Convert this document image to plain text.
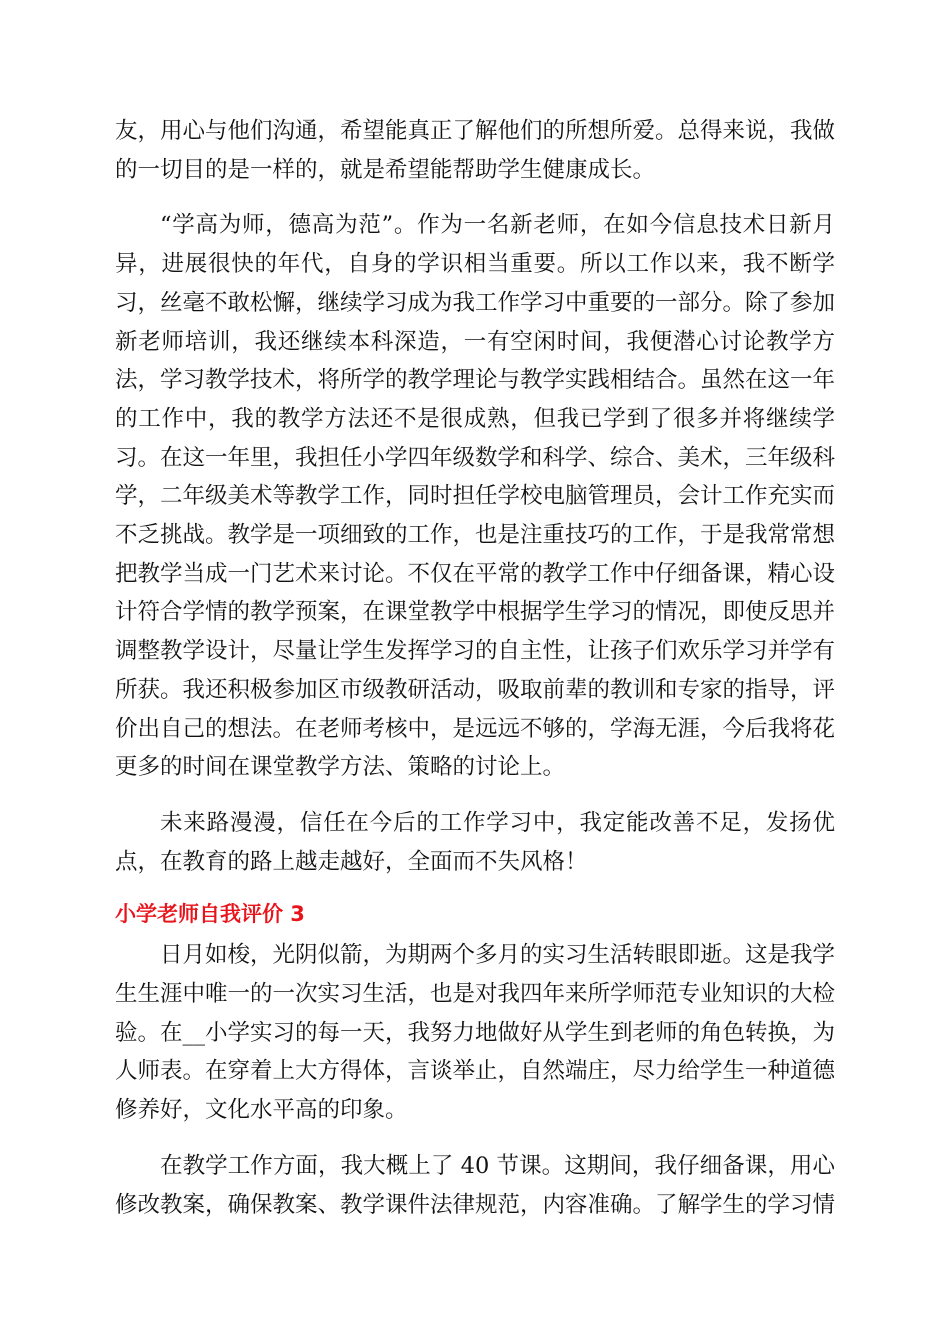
友，用心与他们沟通，希望能真正了解他们的所想所爱。总得来说，我做的一切目的是一样的，就是希望能帮助学生健康成长。

“学高为师，德高为范”。作为一名新老师，在如今信息技术日新月异，进展很快的年代，自身的学识相当重要。所以工作以来，我不断学习，丝毫不敢松懈，继续学习成为我工作学习中重要的一部分。除了参加新老师培训，我还继续本科深造，一有空闲时间，我便潜心讨论教学方法，学习教学技术，将所学的教学理论与教学实践相结合。虽然在这一年的工作中，我的教学方法还不是很成熟，但我已学到了很多并将继续学习。在这一年里，我担任小学四年级数学和科学、综合、美术，三年级科学，二年级美术等教学工作，同时担任学校电脑管理员，会计工作充实而不乏挑战。教学是一项细致的工作，也是注重技巧的工作，于是我常常想把教学当成一门艺术来讨论。不仅在平常的教学工作中仔细备课，精心设计符合学情的教学预案，在课堂教学中根据学生学习的情况，即使反思并调整教学设计，尽量让学生发挥学习的自主性，让孩子们欢乐学习并学有所获。我还积极参加区市级教研活动，吸取前辈的教训和专家的指导，评价出自己的想法。在老师考核中，是远远不够的，学海无涯，今后我将花更多的时间在课堂教学方法、策略的讨论上。

未来路漫漫，信任在今后的工作学习中，我定能改善不足，发扬优点，在教育的路上越走越好，全面而不失风格！

小学老师自我评价 3

日月如梭，光阴似箭，为期两个多月的实习生活转眼即逝。这是我学生生涯中唯一的一次实习生活，也是对我四年来所学师范专业知识的大检验。在__小学实习的每一天，我努力地做好从学生到老师的角色转换，为人师表。在穿着上大方得体，言谈举止，自然端庄，尽力给学生一种道德修养好，文化水平高的印象。

在教学工作方面，我大概上了 40 节课。这期间，我仔细备课，用心修改教案，确保教案、教学课件法律规范，内容准确。了解学生的学习情
